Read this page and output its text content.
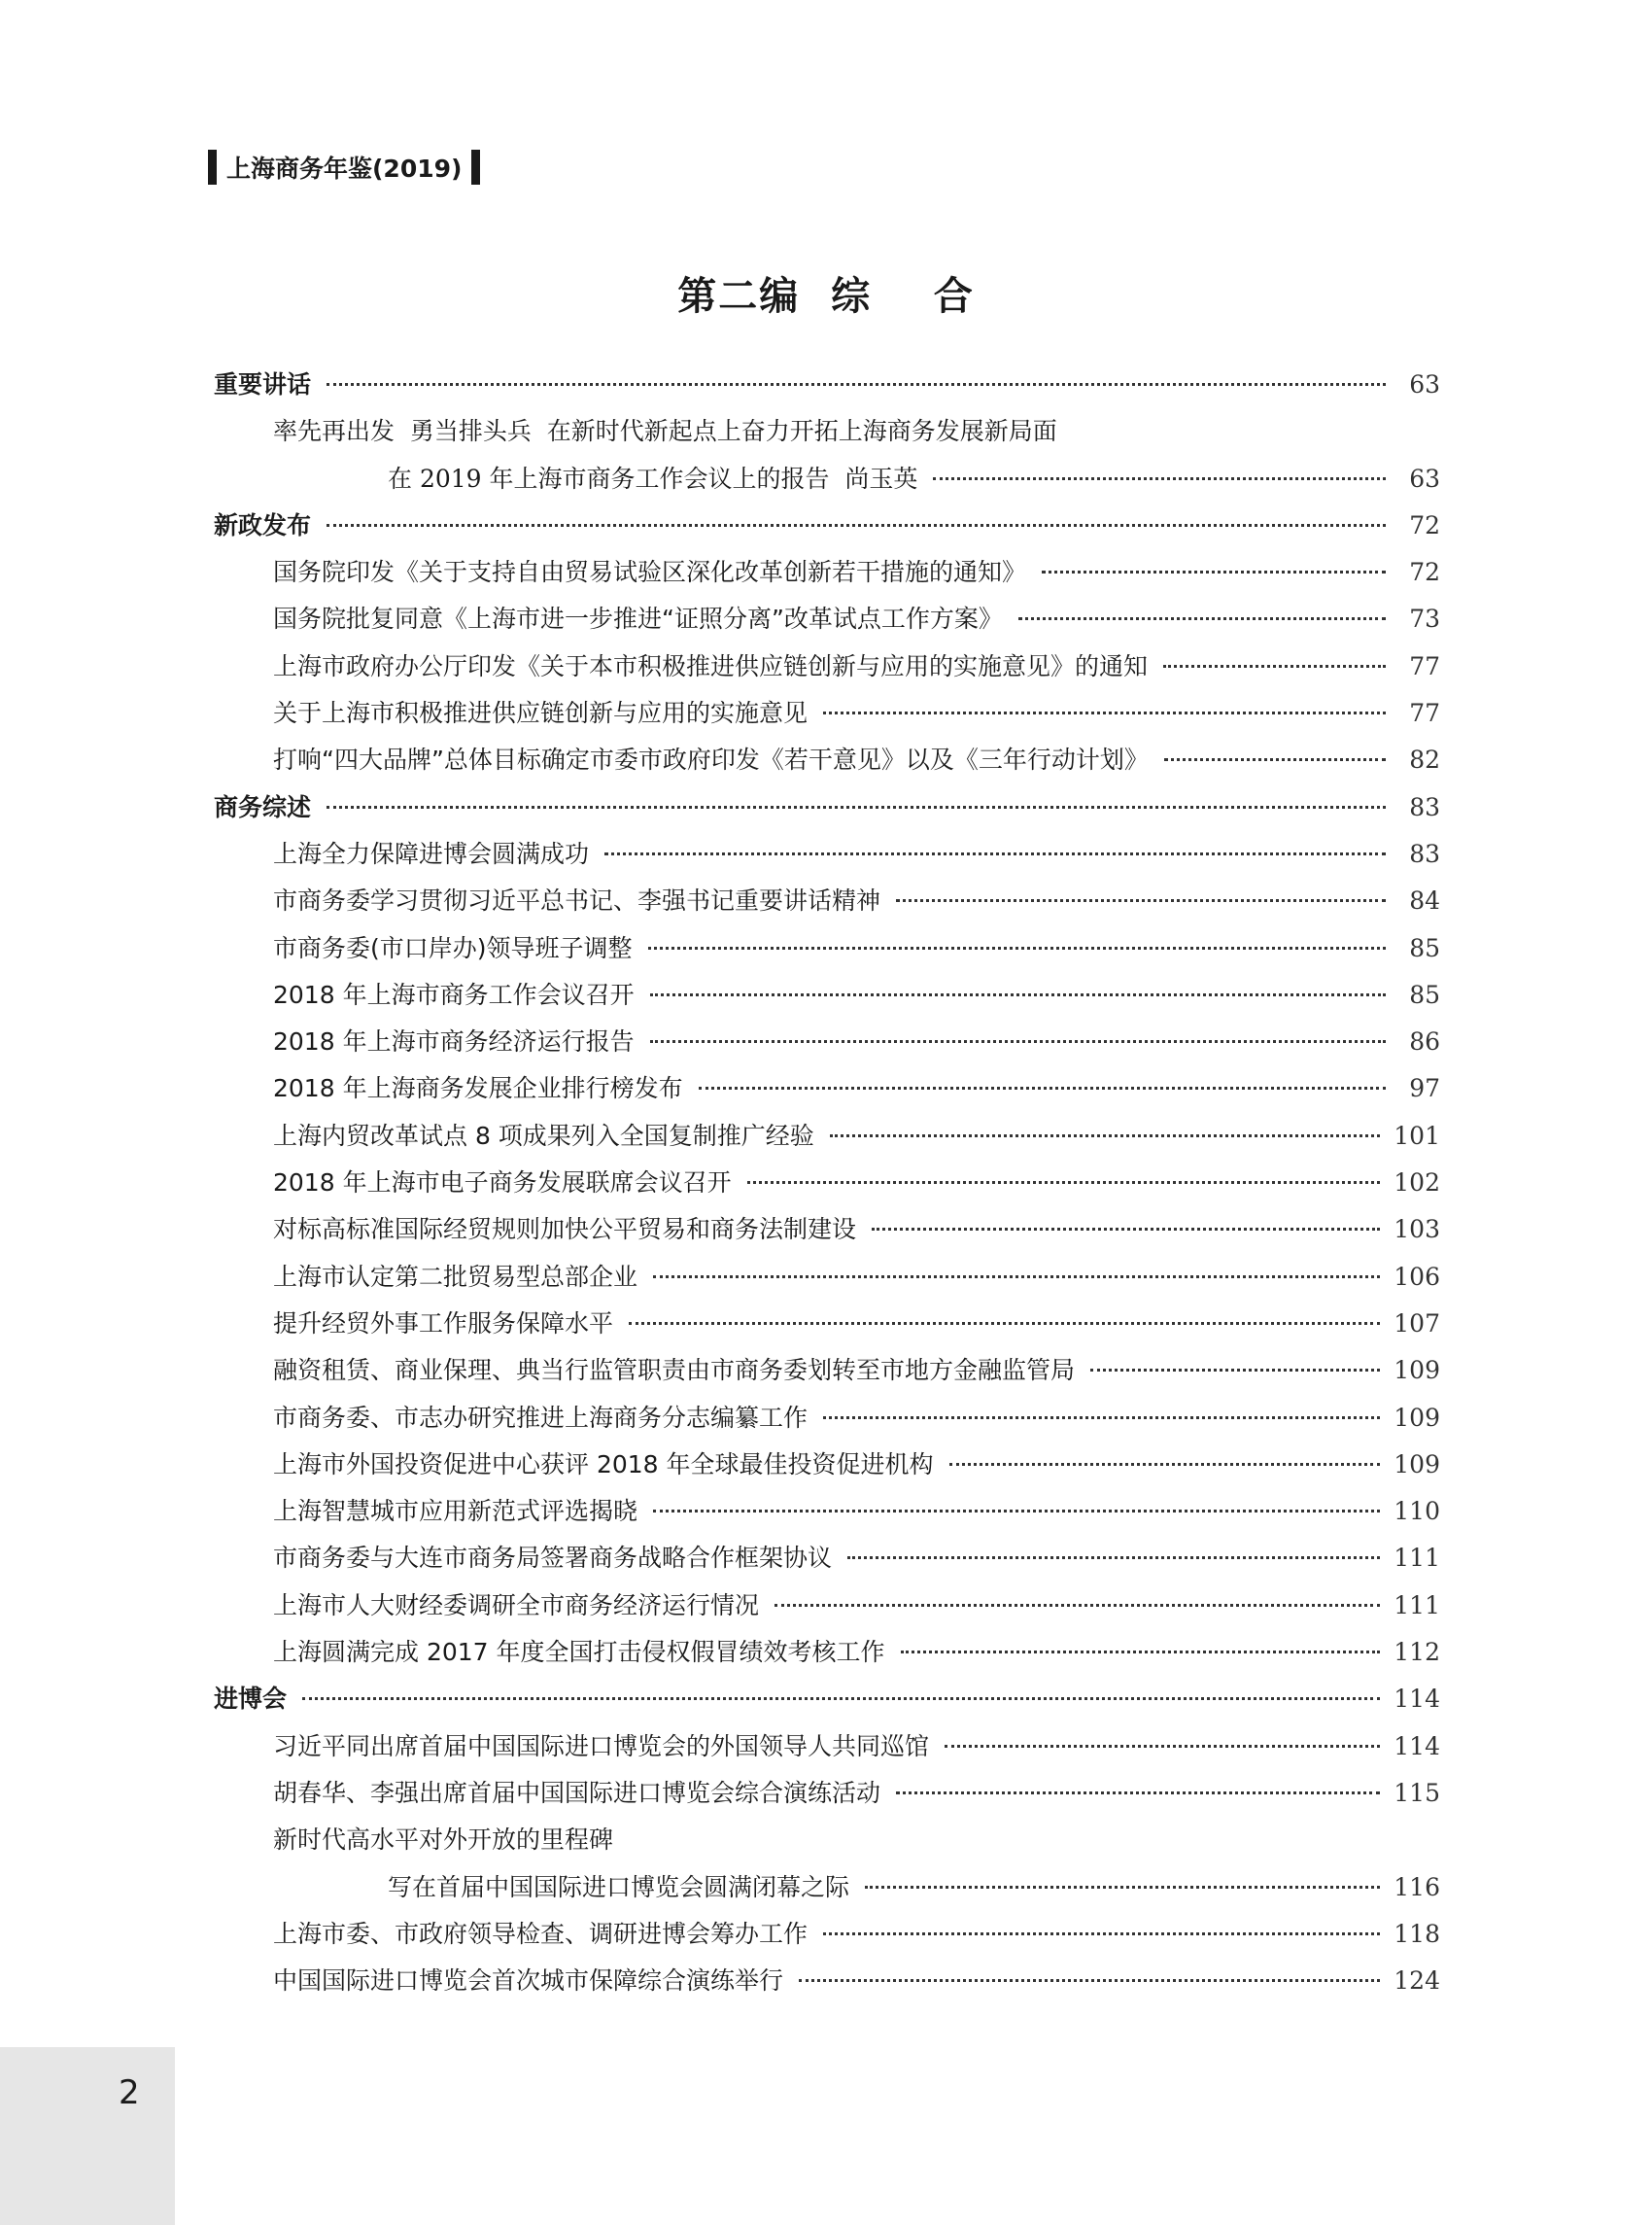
上海商务年鉴(2019)
第二编  综    合
重要讲话	63
率先再出发  勇当排头兵  在新时代新起点上奋力开拓上海商务发展新局面
在 2019 年上海市商务工作会议上的报告  尚玉英	63
新政发布	72
国务院印发《关于支持自由贸易试验区深化改革创新若干措施的通知》	72
国务院批复同意《上海市进一步推进“证照分离”改革试点工作方案》	73
上海市政府办公厅印发《关于本市积极推进供应链创新与应用的实施意见》的通知	77
关于上海市积极推进供应链创新与应用的实施意见	77
打响“四大品牌”总体目标确定市委市政府印发《若干意见》以及《三年行动计划》	82
商务综述	83
上海全力保障进博会圆满成功	83
市商务委学习贯彻习近平总书记、李强书记重要讲话精神	84
市商务委(市口岸办)领导班子调整	85
2018 年上海市商务工作会议召开	85
2018 年上海市商务经济运行报告	86
2018 年上海商务发展企业排行榜发布	97
上海内贸改革试点 8 项成果列入全国复制推广经验	101
2018 年上海市电子商务发展联席会议召开	102
对标高标准国际经贸规则加快公平贸易和商务法制建设	103
上海市认定第二批贸易型总部企业	106
提升经贸外事工作服务保障水平	107
融资租赁、商业保理、典当行监管职责由市商务委划转至市地方金融监管局	109
市商务委、市志办研究推进上海商务分志编纂工作	109
上海市外国投资促进中心获评 2018 年全球最佳投资促进机构	109
上海智慧城市应用新范式评选揭晓	110
市商务委与大连市商务局签署商务战略合作框架协议	111
上海市人大财经委调研全市商务经济运行情况	111
上海圆满完成 2017 年度全国打击侵权假冒绩效考核工作	112
进博会	114
习近平同出席首届中国国际进口博览会的外国领导人共同巡馆	114
胡春华、李强出席首届中国国际进口博览会综合演练活动	115
新时代高水平对外开放的里程碑
写在首届中国国际进口博览会圆满闭幕之际	116
上海市委、市政府领导检查、调研进博会筹办工作	118
中国国际进口博览会首次城市保障综合演练举行	124
2
